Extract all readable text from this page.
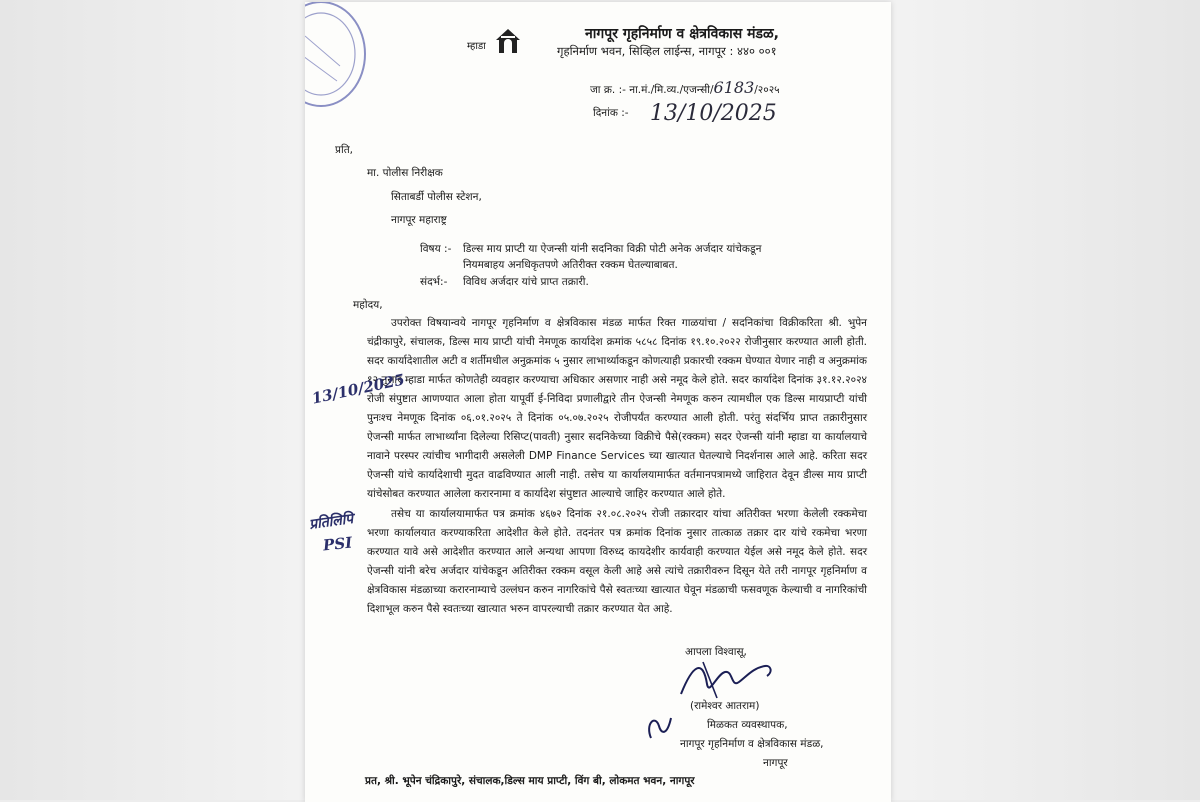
म्हाडा
नागपूर गृहनिर्माण व क्षेत्रविकास मंडळ,
गृहनिर्माण भवन, सिव्हिल लाईन्स, नागपूर : ४४० ००१
जा क्र. :- ना.मं./मि.व्य./एजन्सी/6183/२०२५
दिनांक :- 13/10/2025
प्रति,
मा. पोलीस निरीक्षक
सिताबर्डी पोलीस स्टेशन,
नागपूर महाराष्ट्र
विषय :- डिल्स माय प्राप्टी या ऐजन्सी यांनी सदनिका विक्री पोटी अनेक अर्जदार यांचेकडून
नियमबाहय अनधिकृतपणे अतिरीक्त रक्कम घेतल्याबाबत.
संदर्भ:- विविध अर्जदार यांचे प्राप्त तक्रारी.
महोदय,

उपरोक्त विषयान्वये नागपूर गृहनिर्माण व क्षेत्रविकास मंडळ मार्फत रिक्त गाळयांचा / सदनिकांचा विक्रीकरिता श्री. भुपेन चंद्रीकापुरे, संचालक, डिल्स माय प्राप्टी यांची नेमणूक कार्यादेश क्रमांक ५८५८ दिनांक १९.१०.२०२२ रोजीनुसार करण्यात आली होती. सदर कार्यादेशातील अटी व शर्तीमधील अनुक्रमांक ५ नुसार लाभार्थ्याकडून कोणत्याही प्रकारची रक्कम घेण्यात येणार नाही व अनुक्रमांक १२ नुसार म्हाडा मार्फत कोणतेही व्यवहार करण्याचा अधिकार असणार नाही असे नमूद केले होते. सदर कार्यादेश दिनांक ३१.१२.२०२४ रोजी संपुष्टात आणण्यात आला होता यापूर्वी ई-निविदा प्रणालीद्वारे तीन ऐजन्सी नेमणूक करुन त्यामधील एक डिल्स मायप्राप्टी यांची पुनःश्च नेमणूक दिनांक ०६.०१.२०२५ ते दिनांक ०५.०७.२०२५ रोजीपर्यंत करण्यात आली होती. परंतु संदर्भिय प्राप्त तक्रारीनुसार ऐजन्सी मार्फत लाभार्थ्यांना दिलेल्या रिसिप्ट(पावती) नुसार सदनिकेच्या विक्रीचे पैसे(रक्कम) सदर ऐजन्सी यांनी म्हाडा या कार्यालयाचे नावाने परस्पर त्यांचीच भागीदारी असलेली DMP Finance Services च्या खात्यात घेतल्याचे निदर्शनास आले आहे. करिता सदर ऐजन्सी यांचे कार्यादेशाची मुदत वाढविण्यात आली नाही. तसेच या कार्यालयामार्फत वर्तमानपत्रामध्ये जाहिरात देवून डील्स माय प्राप्टी यांचेसोबत करण्यात आलेला करारनामा व कार्यादेश संपुष्टात आल्याचे जाहिर करण्यात आले होते.

तसेच या कार्यालयामार्फत पत्र क्रमांक ४६७२ दिनांक २१.०८.२०२५ रोजी तक्रारदार यांचा अतिरीक्त भरणा केलेली रक्कमेचा भरणा कार्यालयात करण्याकरिता आदेशीत केले होते. तदनंतर पत्र क्रमांक दिनांक नुसार तात्काळ तक्रार दार यांचे रकमेचा भरणा करण्यात यावे असे आदेशीत करण्यात आले अन्यथा आपणा विरुध्द कायदेशीर कार्यवाही करण्यात येईल असे नमूद केले होते. सदर ऐजन्सी यांनी बरेच अर्जदार यांचेकडून अतिरीक्त रक्कम वसूल केली आहे असे त्यांचे तक्रारीवरुन दिसून येते तरी नागपूर गृहनिर्माण व क्षेत्रविकास मंडळाच्या करारनाम्याचे उल्लंघन करुन नागरिकांचे पैसे स्वतःच्या खात्यात घेवून मंडळाची फसवणूक केल्याची व नागरिकांची दिशाभूल करुन पैसे स्वतःच्या खात्यात भरुन वापरल्याची तक्रार करण्यात येत आहे.

13/10/2025
प्रतिलिपि
PSI
आपला विश्वासू,
(रामेश्वर आतराम)
मिळकत व्यवस्थापक,
नागपूर गृहनिर्माण व क्षेत्रविकास मंडळ,
नागपूर
प्रत, श्री. भूपेन चंद्रिकापुरे, संचालक,डिल्स माय प्राप्टी, विंग बी, लोकमत भवन, नागपूर
